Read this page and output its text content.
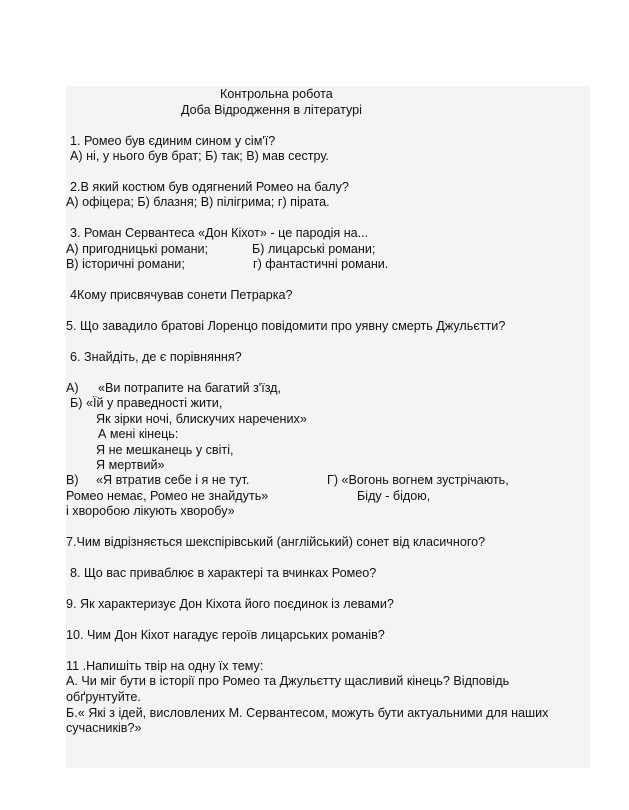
Контрольна робота
Доба Відродження в літературі
1. Ромео був єдиним сином у сім'ї?
А) ні, у нього був брат; Б) так; В) мав сестру.
2.В який костюм був одягнений Ромео на балу?
А) офіцера; Б) блазня; В) пілігрима; г) пірата.
3. Роман Сервантеса «Дон Кіхот» - це пародія на...
А) пригодницькі романи;	Б) лицарські романи;
В) історичні романи;	г) фантастичні романи.
4Кому присвячував сонети Петрарка?
5. Що завадило братові Лоренцо повідомити про уявну смерть Джульєтти?
6. Знайдіть, де є порівняння?
А) «Ви потрапите на багатий з'їзд,
Б) «Їй у праведності жити,
Як зірки ночі, блискучих наречених»
А мені кінець:
Я не мешканець у світі,
Я мертвий»
В) «Я втратив себе і я не тут.	Г) «Вогонь вогнем зустрічають,
Ромео немає, Ромео не знайдуть»	Біду - бідою,
і хворобою лікують хворобу»
7.Чим відрізняється шекспірівський (англійський) сонет від класичного?
8. Що вас приваблює в характері та вчинках Ромео?
9. Як характеризує Дон Кіхота його поєдинок із левами?
10. Чим Дон Кіхот нагадує героїв лицарських романів?
11 .Напишіть твір на одну їх тему:
А. Чи міг бути в історії про Ромео та Джульєтту щасливий кінець? Відповідь
обґрунтуйте.
Б.« Які з ідей, висловлених М. Сервантесом, можуть бути актуальними для наших
сучасників?»
